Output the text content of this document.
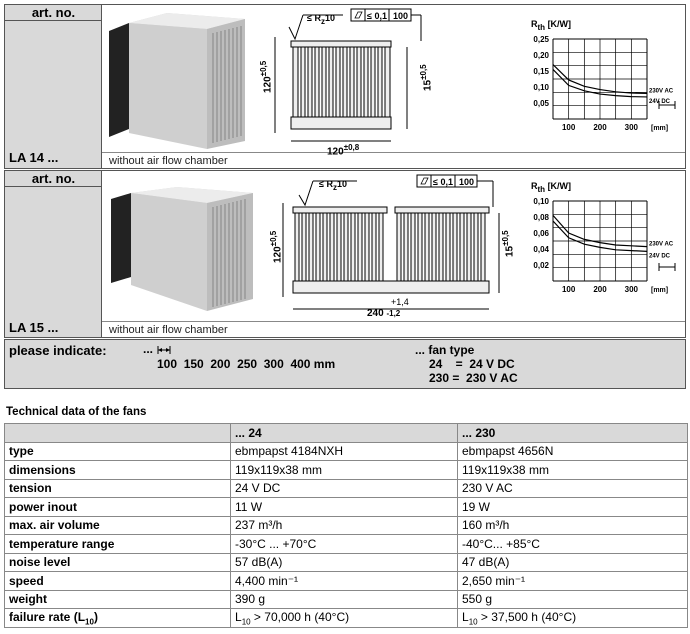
art. no.
LA 14 ...	without air flow chamber
≤ $R_z10$	≤ 0,1 100
$120^{\pm 0,5}$
$120^{\pm 0,8}$
$15^{\pm 0,5}$
$R_{th}$ [K/W]
0,25
0,20
0,15
0,10
0,05
100 200 300 [mm]
230V AC
24V DC
art. no.
LA 15 ...	without air flow chamber
≤ $R_z10$	≤ 0,1 100
$120^{\pm 0,5}$
+1,4
240 -1,2
$15^{\pm 0,5}$
$R_{th}$ [K/W]
0,10
0,08
0,06
0,04
0,02
100 200 300 [mm]
230V AC
24V DC
please indicate:	...
100  150  200  250  300  400 mm
... fan type
24    =  24 V DC
230 =  230 V AC
Technical data of the fans
	... 24	... 230
type	ebmpapst 4184NXH	ebmpapst 4656N
dimensions	119x119x38 mm	119x119x38 mm
tension	24 V DC	230 V AC
power inout	11 W	19 W
max. air volume	237 m³/h	160 m³/h
temperature range	-30°C ... +70°C	-40°C... +85°C
noise level	57 dB(A)	47 dB(A)
speed	4,400 min⁻¹	2,650 min⁻¹
weight	390 g	550 g
failure rate $(L_{10})$	$L_{10} > 70,000$ h (40°C)	$L_{10} > 37,500$ h (40°C)
